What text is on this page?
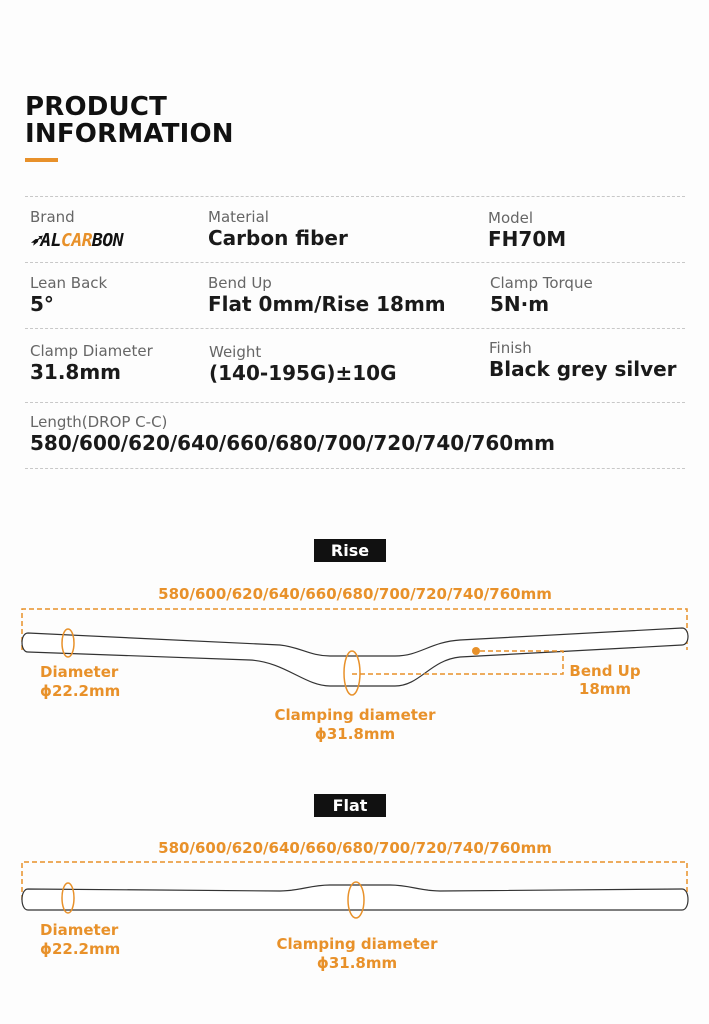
PRODUCT
INFORMATION
Brand
➶ALCARBON
Material
Carbon fiber
Model
FH70M
Lean Back
5°
Bend Up
Flat 0mm/Rise 18mm
Clamp Torque
5N·m
Clamp Diameter
31.8mm
Weight
(140-195G)±10G
Finish
Black grey silver
Length(DROP C-C)
580/600/620/640/660/680/700/720/740/760mm
Rise
Flat
580/600/620/640/660/680/700/720/740/760mm
Diameter
ϕ22.2mm
Clamping diameter
ϕ31.8mm
Bend Up
18mm
580/600/620/640/660/680/700/720/740/760mm
Diameter
ϕ22.2mm	Clamping diameter
ϕ31.8mm
